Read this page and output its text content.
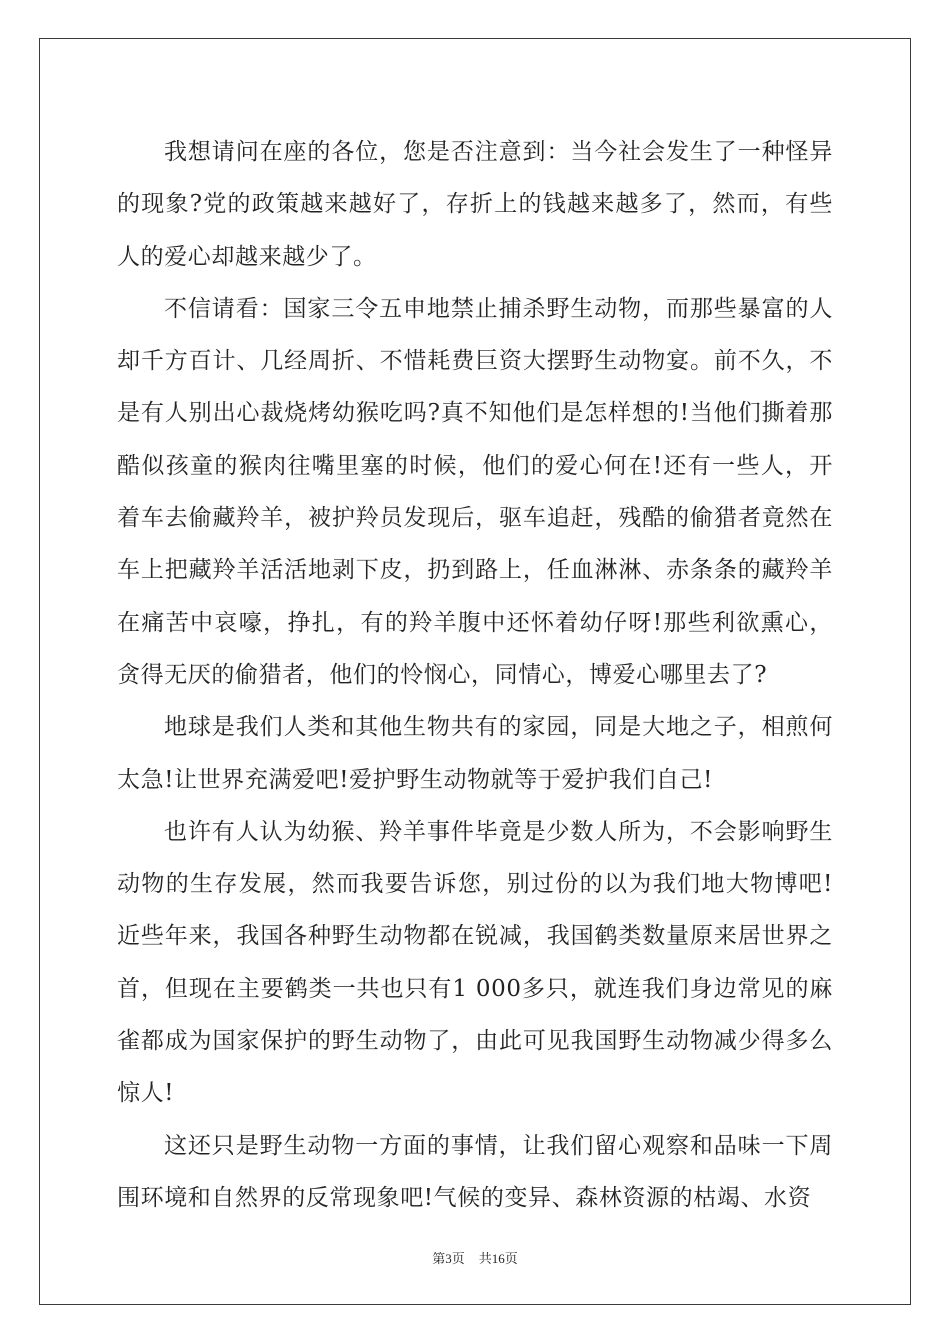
我想请问在座的各位，您是否注意到：当今社会发生了一种怪异的现象?党的政策越来越好了，存折上的钱越来越多了，然而，有些人的爱心却越来越少了。

不信请看：国家三令五申地禁止捕杀野生动物，而那些暴富的人却千方百计、几经周折、不惜耗费巨资大摆野生动物宴。前不久，不是有人别出心裁烧烤幼猴吃吗?真不知他们是怎样想的!当他们撕着那酷似孩童的猴肉往嘴里塞的时候，他们的爱心何在!还有一些人，开着车去偷藏羚羊，被护羚员发现后，驱车追赶，残酷的偷猎者竟然在车上把藏羚羊活活地剥下皮，扔到路上，任血淋淋、赤条条的藏羚羊在痛苦中哀嚎，挣扎，有的羚羊腹中还怀着幼仔呀!那些利欲熏心，贪得无厌的偷猎者，他们的怜悯心，同情心，博爱心哪里去了?

地球是我们人类和其他生物共有的家园，同是大地之子，相煎何太急!让世界充满爱吧!爱护野生动物就等于爱护我们自己!

也许有人认为幼猴、羚羊事件毕竟是少数人所为，不会影响野生动物的生存发展，然而我要告诉您，别过份的以为我们地大物博吧!近些年来，我国各种野生动物都在锐减，我国鹤类数量原来居世界之首，但现在主要鹤类一共也只有1 000多只，就连我们身边常见的麻雀都成为国家保护的野生动物了，由此可见我国野生动物减少得多么惊人!

这还只是野生动物一方面的事情，让我们留心观察和品味一下周围环境和自然界的反常现象吧!气候的变异、森林资源的枯竭、水资

第3页 共16页
